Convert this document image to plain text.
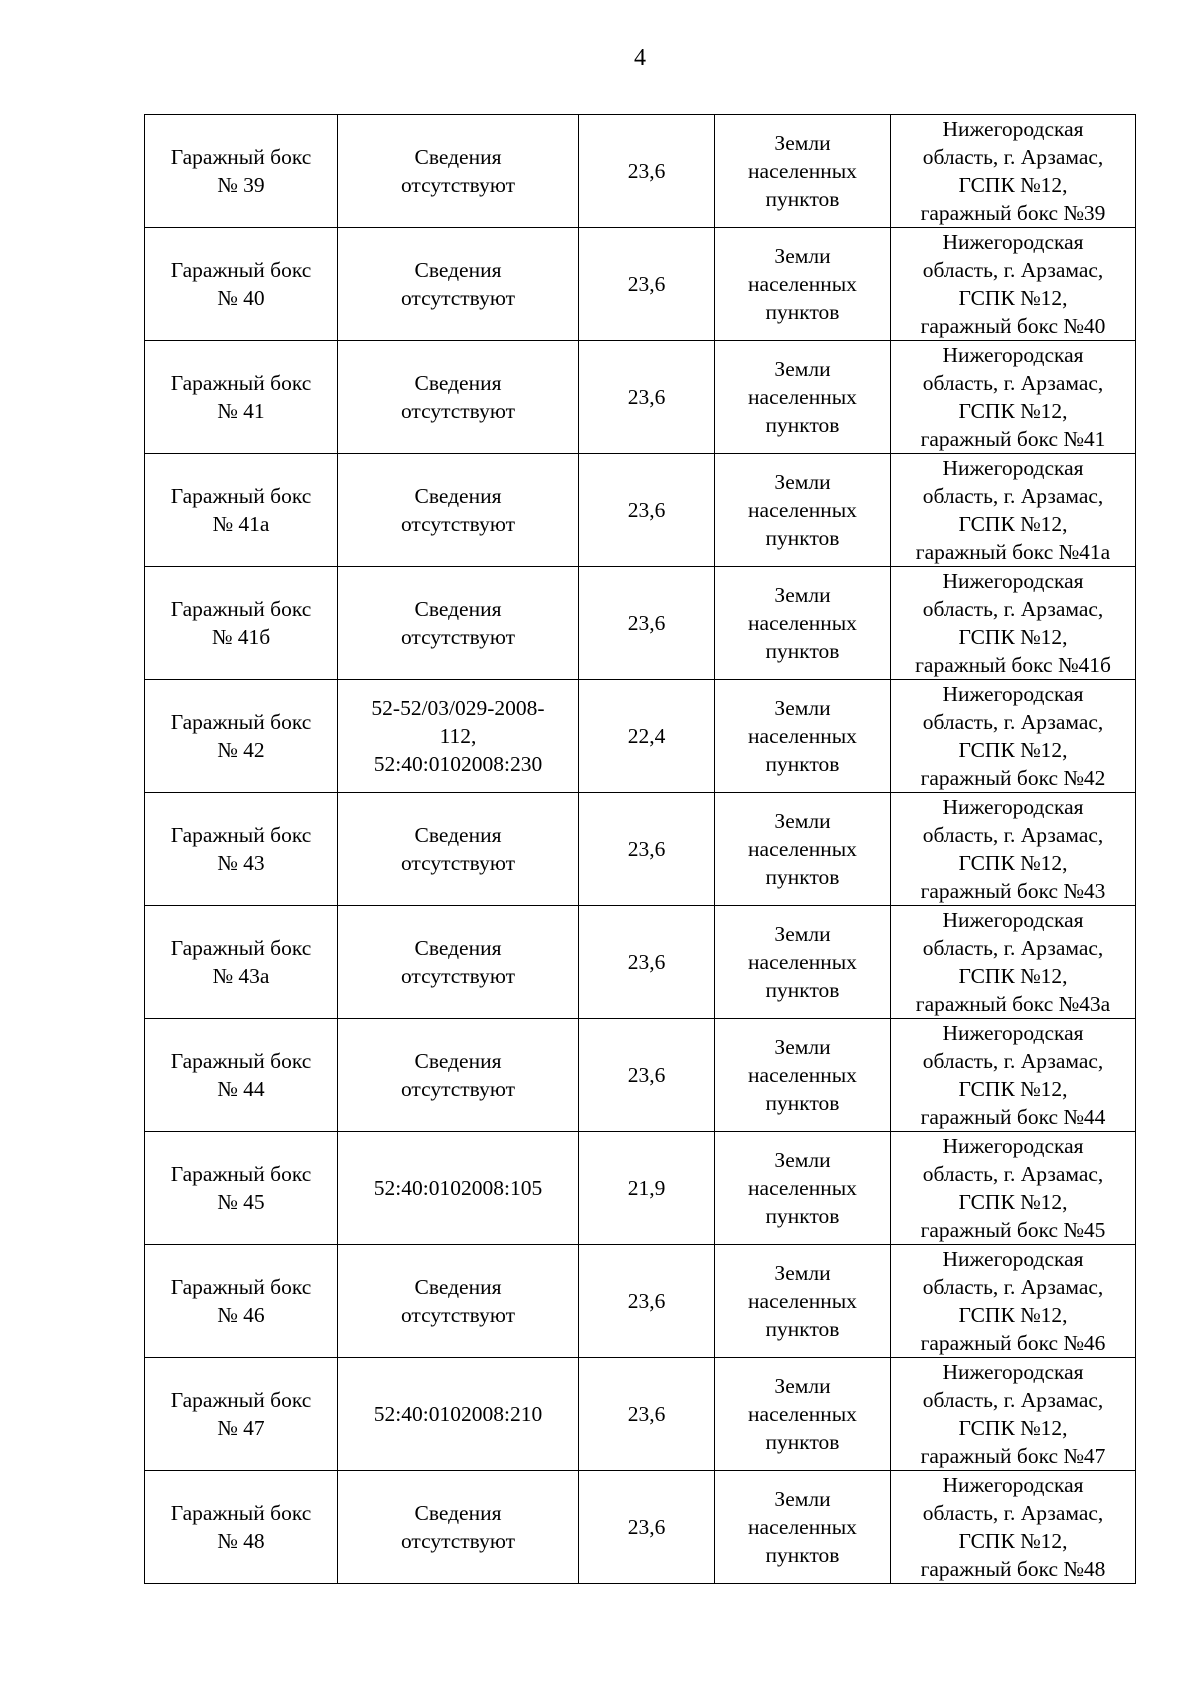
4
Гаражный бокс
№ 39	Сведения
отсутствуют	23,6	Земли
населенных
пунктов	Нижегородская
область, г. Арзамас,
ГСПК №12,
гаражный бокс №39

Гаражный бокс
№ 40	Сведения
отсутствуют	23,6	Земли
населенных
пунктов	Нижегородская
область, г. Арзамас,
ГСПК №12,
гаражный бокс №40

Гаражный бокс
№ 41	Сведения
отсутствуют	23,6	Земли
населенных
пунктов	Нижегородская
область, г. Арзамас,
ГСПК №12,
гаражный бокс №41

Гаражный бокс
№ 41а	Сведения
отсутствуют	23,6	Земли
населенных
пунктов	Нижегородская
область, г. Арзамас,
ГСПК №12,
гаражный бокс №41а

Гаражный бокс
№ 41б	Сведения
отсутствуют	23,6	Земли
населенных
пунктов	Нижегородская
область, г. Арзамас,
ГСПК №12,
гаражный бокс №41б

Гаражный бокс
№ 42	52-52/03/029-2008-
112,
52:40:0102008:230	22,4	Земли
населенных
пунктов	Нижегородская
область, г. Арзамас,
ГСПК №12,
гаражный бокс №42

Гаражный бокс
№ 43	Сведения
отсутствуют	23,6	Земли
населенных
пунктов	Нижегородская
область, г. Арзамас,
ГСПК №12,
гаражный бокс №43

Гаражный бокс
№ 43а	Сведения
отсутствуют	23,6	Земли
населенных
пунктов	Нижегородская
область, г. Арзамас,
ГСПК №12,
гаражный бокс №43а

Гаражный бокс
№ 44	Сведения
отсутствуют	23,6	Земли
населенных
пунктов	Нижегородская
область, г. Арзамас,
ГСПК №12,
гаражный бокс №44

Гаражный бокс
№ 45	52:40:0102008:105	21,9	Земли
населенных
пунктов	Нижегородская
область, г. Арзамас,
ГСПК №12,
гаражный бокс №45

Гаражный бокс
№ 46	Сведения
отсутствуют	23,6	Земли
населенных
пунктов	Нижегородская
область, г. Арзамас,
ГСПК №12,
гаражный бокс №46

Гаражный бокс
№ 47	52:40:0102008:210	23,6	Земли
населенных
пунктов	Нижегородская
область, г. Арзамас,
ГСПК №12,
гаражный бокс №47

Гаражный бокс
№ 48	Сведения
отсутствуют	23,6	Земли
населенных
пунктов	Нижегородская
область, г. Арзамас,
ГСПК №12,
гаражный бокс №48
